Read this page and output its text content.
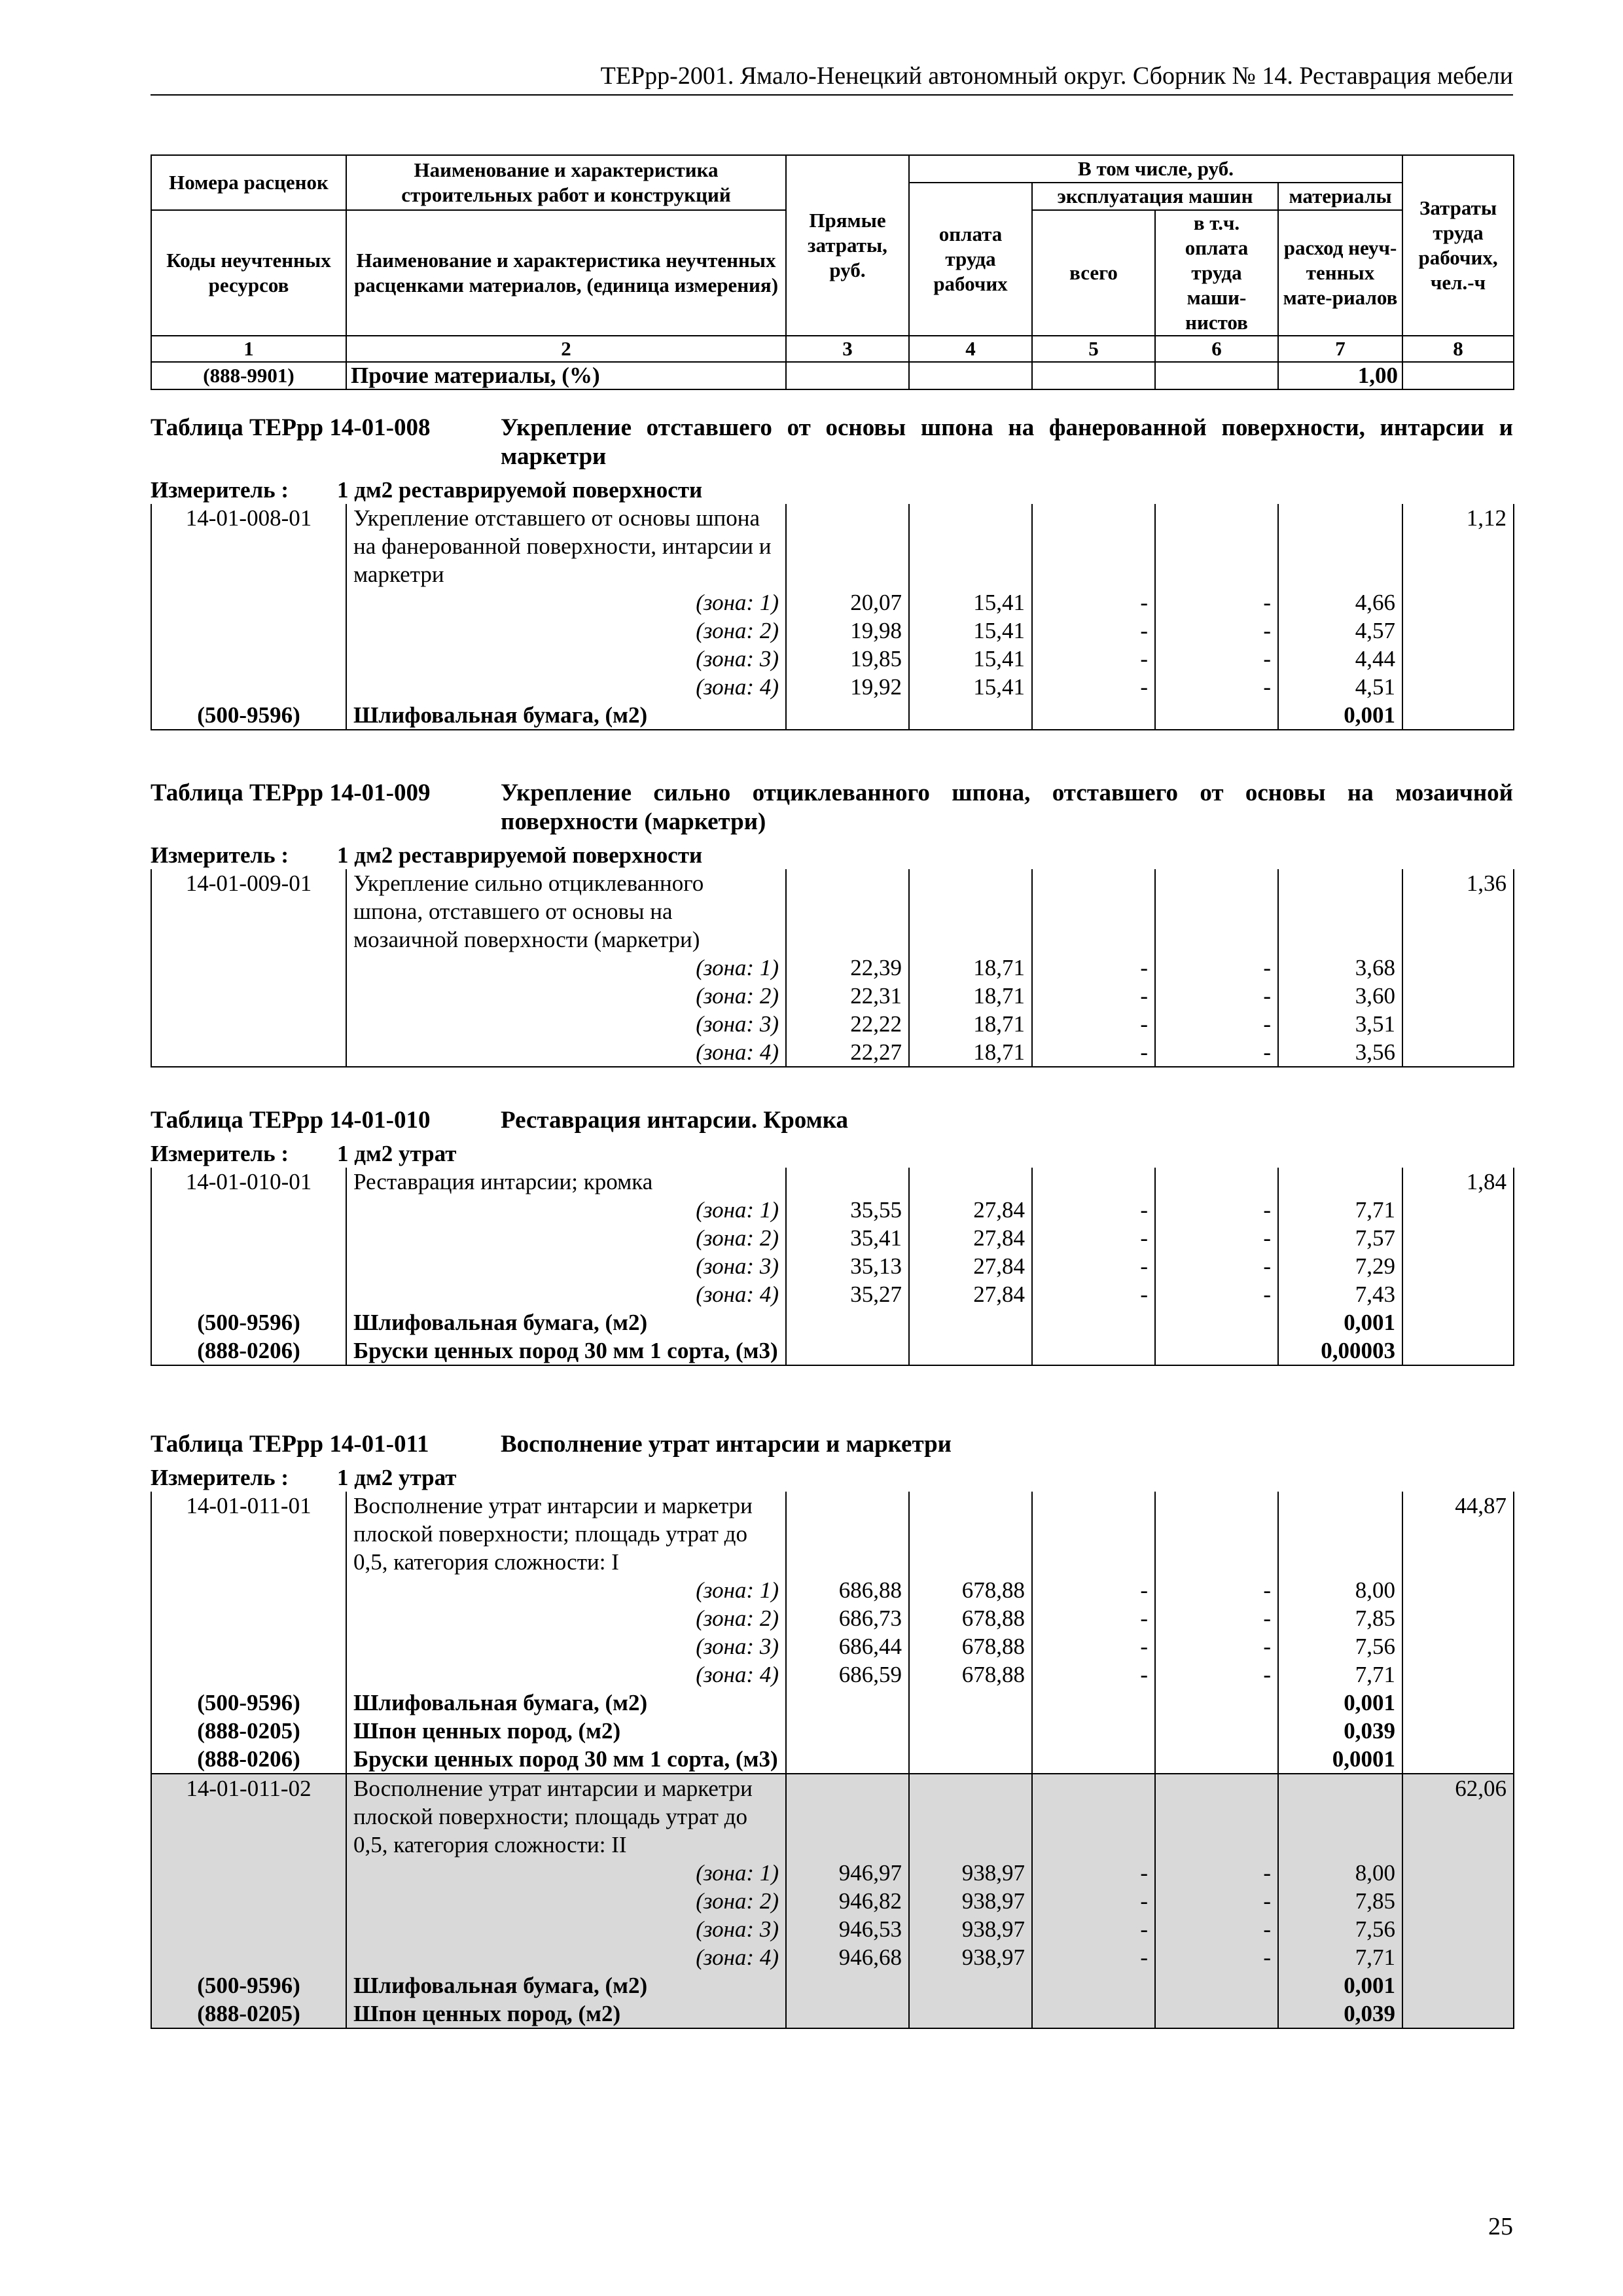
ТЕРрр-2001. Ямало-Ненецкий автономный округ. Сборник № 14. Реставрация мебели
Номера расценок	Наименование и характеристика строительных работ и конструкций	Прямые затраты, руб.	В том числе, руб.				Затраты труда рабочих, чел.-ч
			оплата труда рабочих	эксплуатация машин		материалы	
Коды неучтенных ресурсов	Наименование и характеристика неучтенных расценками материалов, (единица измерения)			всего	в т.ч. оплата труда маши-нистов	расход неуч-тенных мате-риалов	
1	2	3	4	5	6	7	8
(888-9901)	Прочие материалы, (%)					1,00	
Таблица ТЕРрр 14-01-008	Укрепление отставшего от основы шпона на фанерованной поверхности, интарсии и маркетри
Измеритель :	1 дм2 реставрируемой поверхности
14-01-008-01	Укрепление отставшего от основы шпона на фанерованной поверхности, интарсии и маркетри						1,12
	(зона: 1)	20,07	15,41	-	-	4,66	
	(зона: 2)	19,98	15,41	-	-	4,57	
	(зона: 3)	19,85	15,41	-	-	4,44	
	(зона: 4)	19,92	15,41	-	-	4,51	
(500-9596)	Шлифовальная бумага, (м2)					0,001	
Таблица ТЕРрр 14-01-009	Укрепление сильно отциклеванного шпона, отставшего от основы на мозаичной поверхности (маркетри)
Измеритель :	1 дм2 реставрируемой поверхности
14-01-009-01	Укрепление сильно отциклеванного шпона, отставшего от основы на мозаичной поверхности (маркетри)						1,36
	(зона: 1)	22,39	18,71	-	-	3,68	
	(зона: 2)	22,31	18,71	-	-	3,60	
	(зона: 3)	22,22	18,71	-	-	3,51	
	(зона: 4)	22,27	18,71	-	-	3,56	
Таблица ТЕРрр 14-01-010	Реставрация интарсии. Кромка
Измеритель :	1 дм2 утрат
14-01-010-01	Реставрация интарсии; кромка						1,84
	(зона: 1)	35,55	27,84	-	-	7,71	
	(зона: 2)	35,41	27,84	-	-	7,57	
	(зона: 3)	35,13	27,84	-	-	7,29	
	(зона: 4)	35,27	27,84	-	-	7,43	
(500-9596)	Шлифовальная бумага, (м2)					0,001	
(888-0206)	Бруски ценных пород 30 мм 1 сорта, (м3)					0,00003	
Таблица ТЕРрр 14-01-011	Восполнение утрат интарсии и маркетри
Измеритель :	1 дм2 утрат
14-01-011-01	Восполнение утрат интарсии и маркетри плоской поверхности; площадь утрат до 0,5, категория сложности: I						44,87
	(зона: 1)	686,88	678,88	-	-	8,00	
	(зона: 2)	686,73	678,88	-	-	7,85	
	(зона: 3)	686,44	678,88	-	-	7,56	
	(зона: 4)	686,59	678,88	-	-	7,71	
(500-9596)	Шлифовальная бумага, (м2)					0,001	
(888-0205)	Шпон ценных пород, (м2)					0,039	
(888-0206)	Бруски ценных пород 30 мм 1 сорта, (м3)					0,0001	
14-01-011-02	Восполнение утрат интарсии и маркетри плоской поверхности; площадь утрат до 0,5, категория сложности: II						62,06
	(зона: 1)	946,97	938,97	-	-	8,00	
	(зона: 2)	946,82	938,97	-	-	7,85	
	(зона: 3)	946,53	938,97	-	-	7,56	
	(зона: 4)	946,68	938,97	-	-	7,71	
(500-9596)	Шлифовальная бумага, (м2)					0,001	
(888-0205)	Шпон ценных пород, (м2)					0,039	
25
